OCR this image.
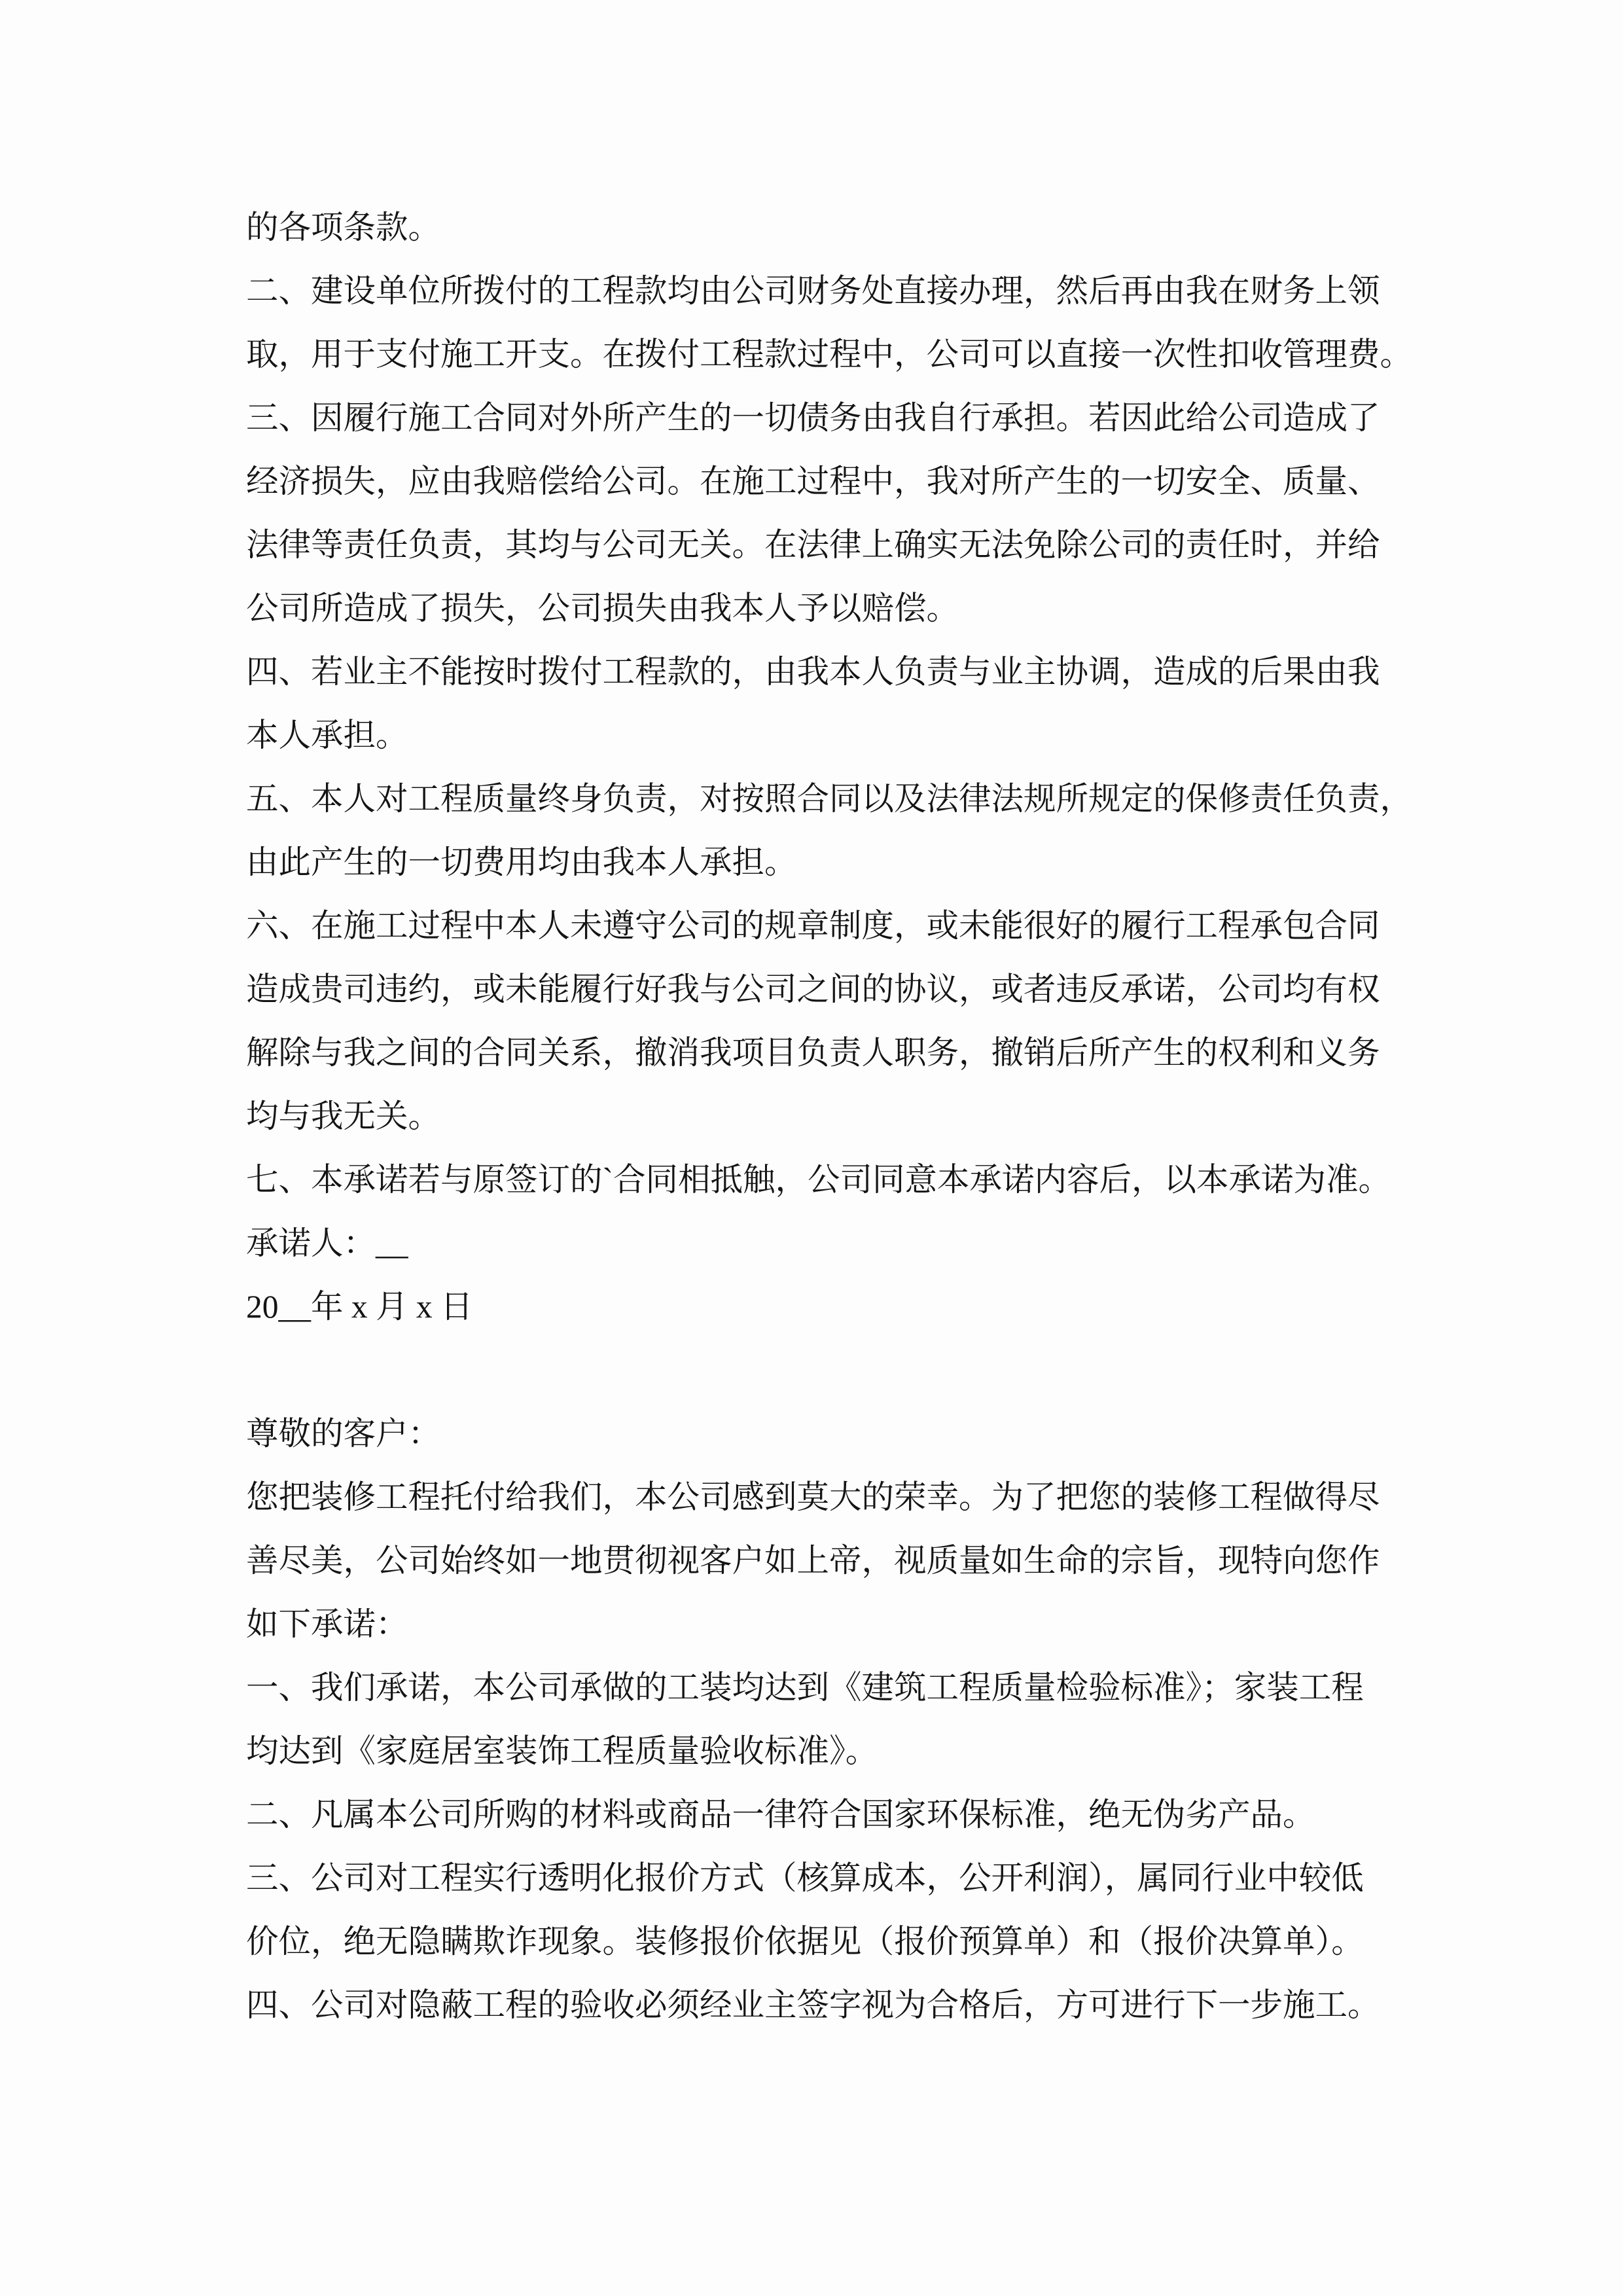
的各项条款。
二、建设单位所拨付的工程款均由公司财务处直接办理，然后再由我在财务上领
取，用于支付施工开支。在拨付工程款过程中，公司可以直接一次性扣收管理费。
三、因履行施工合同对外所产生的一切债务由我自行承担。若因此给公司造成了
经济损失，应由我赔偿给公司。在施工过程中，我对所产生的一切安全、质量、
法律等责任负责，其均与公司无关。在法律上确实无法免除公司的责任时，并给
公司所造成了损失，公司损失由我本人予以赔偿。
四、若业主不能按时拨付工程款的，由我本人负责与业主协调，造成的后果由我
本人承担。
五、本人对工程质量终身负责，对按照合同以及法律法规所规定的保修责任负责，
由此产生的一切费用均由我本人承担。
六、在施工过程中本人未遵守公司的规章制度，或未能很好的履行工程承包合同
造成贵司违约，或未能履行好我与公司之间的协议，或者违反承诺，公司均有权
解除与我之间的合同关系，撤消我项目负责人职务，撤销后所产生的权利和义务
均与我无关。
七、本承诺若与原签订的`合同相抵触，公司同意本承诺内容后，以本承诺为准。
承诺人：__
20__年 x 月 x 日
尊敬的客户：
您把装修工程托付给我们，本公司感到莫大的荣幸。为了把您的装修工程做得尽
善尽美，公司始终如一地贯彻视客户如上帝，视质量如生命的宗旨，现特向您作
如下承诺：
一、我们承诺，本公司承做的工装均达到《建筑工程质量检验标准》；家装工程
均达到《家庭居室装饰工程质量验收标准》。
二、凡属本公司所购的材料或商品一律符合国家环保标准，绝无伪劣产品。
三、公司对工程实行透明化报价方式（核算成本，公开利润），属同行业中较低
价位，绝无隐瞒欺诈现象。装修报价依据见（报价预算单）和（报价决算单）。
四、公司对隐蔽工程的验收必须经业主签字视为合格后，方可进行下一步施工。
